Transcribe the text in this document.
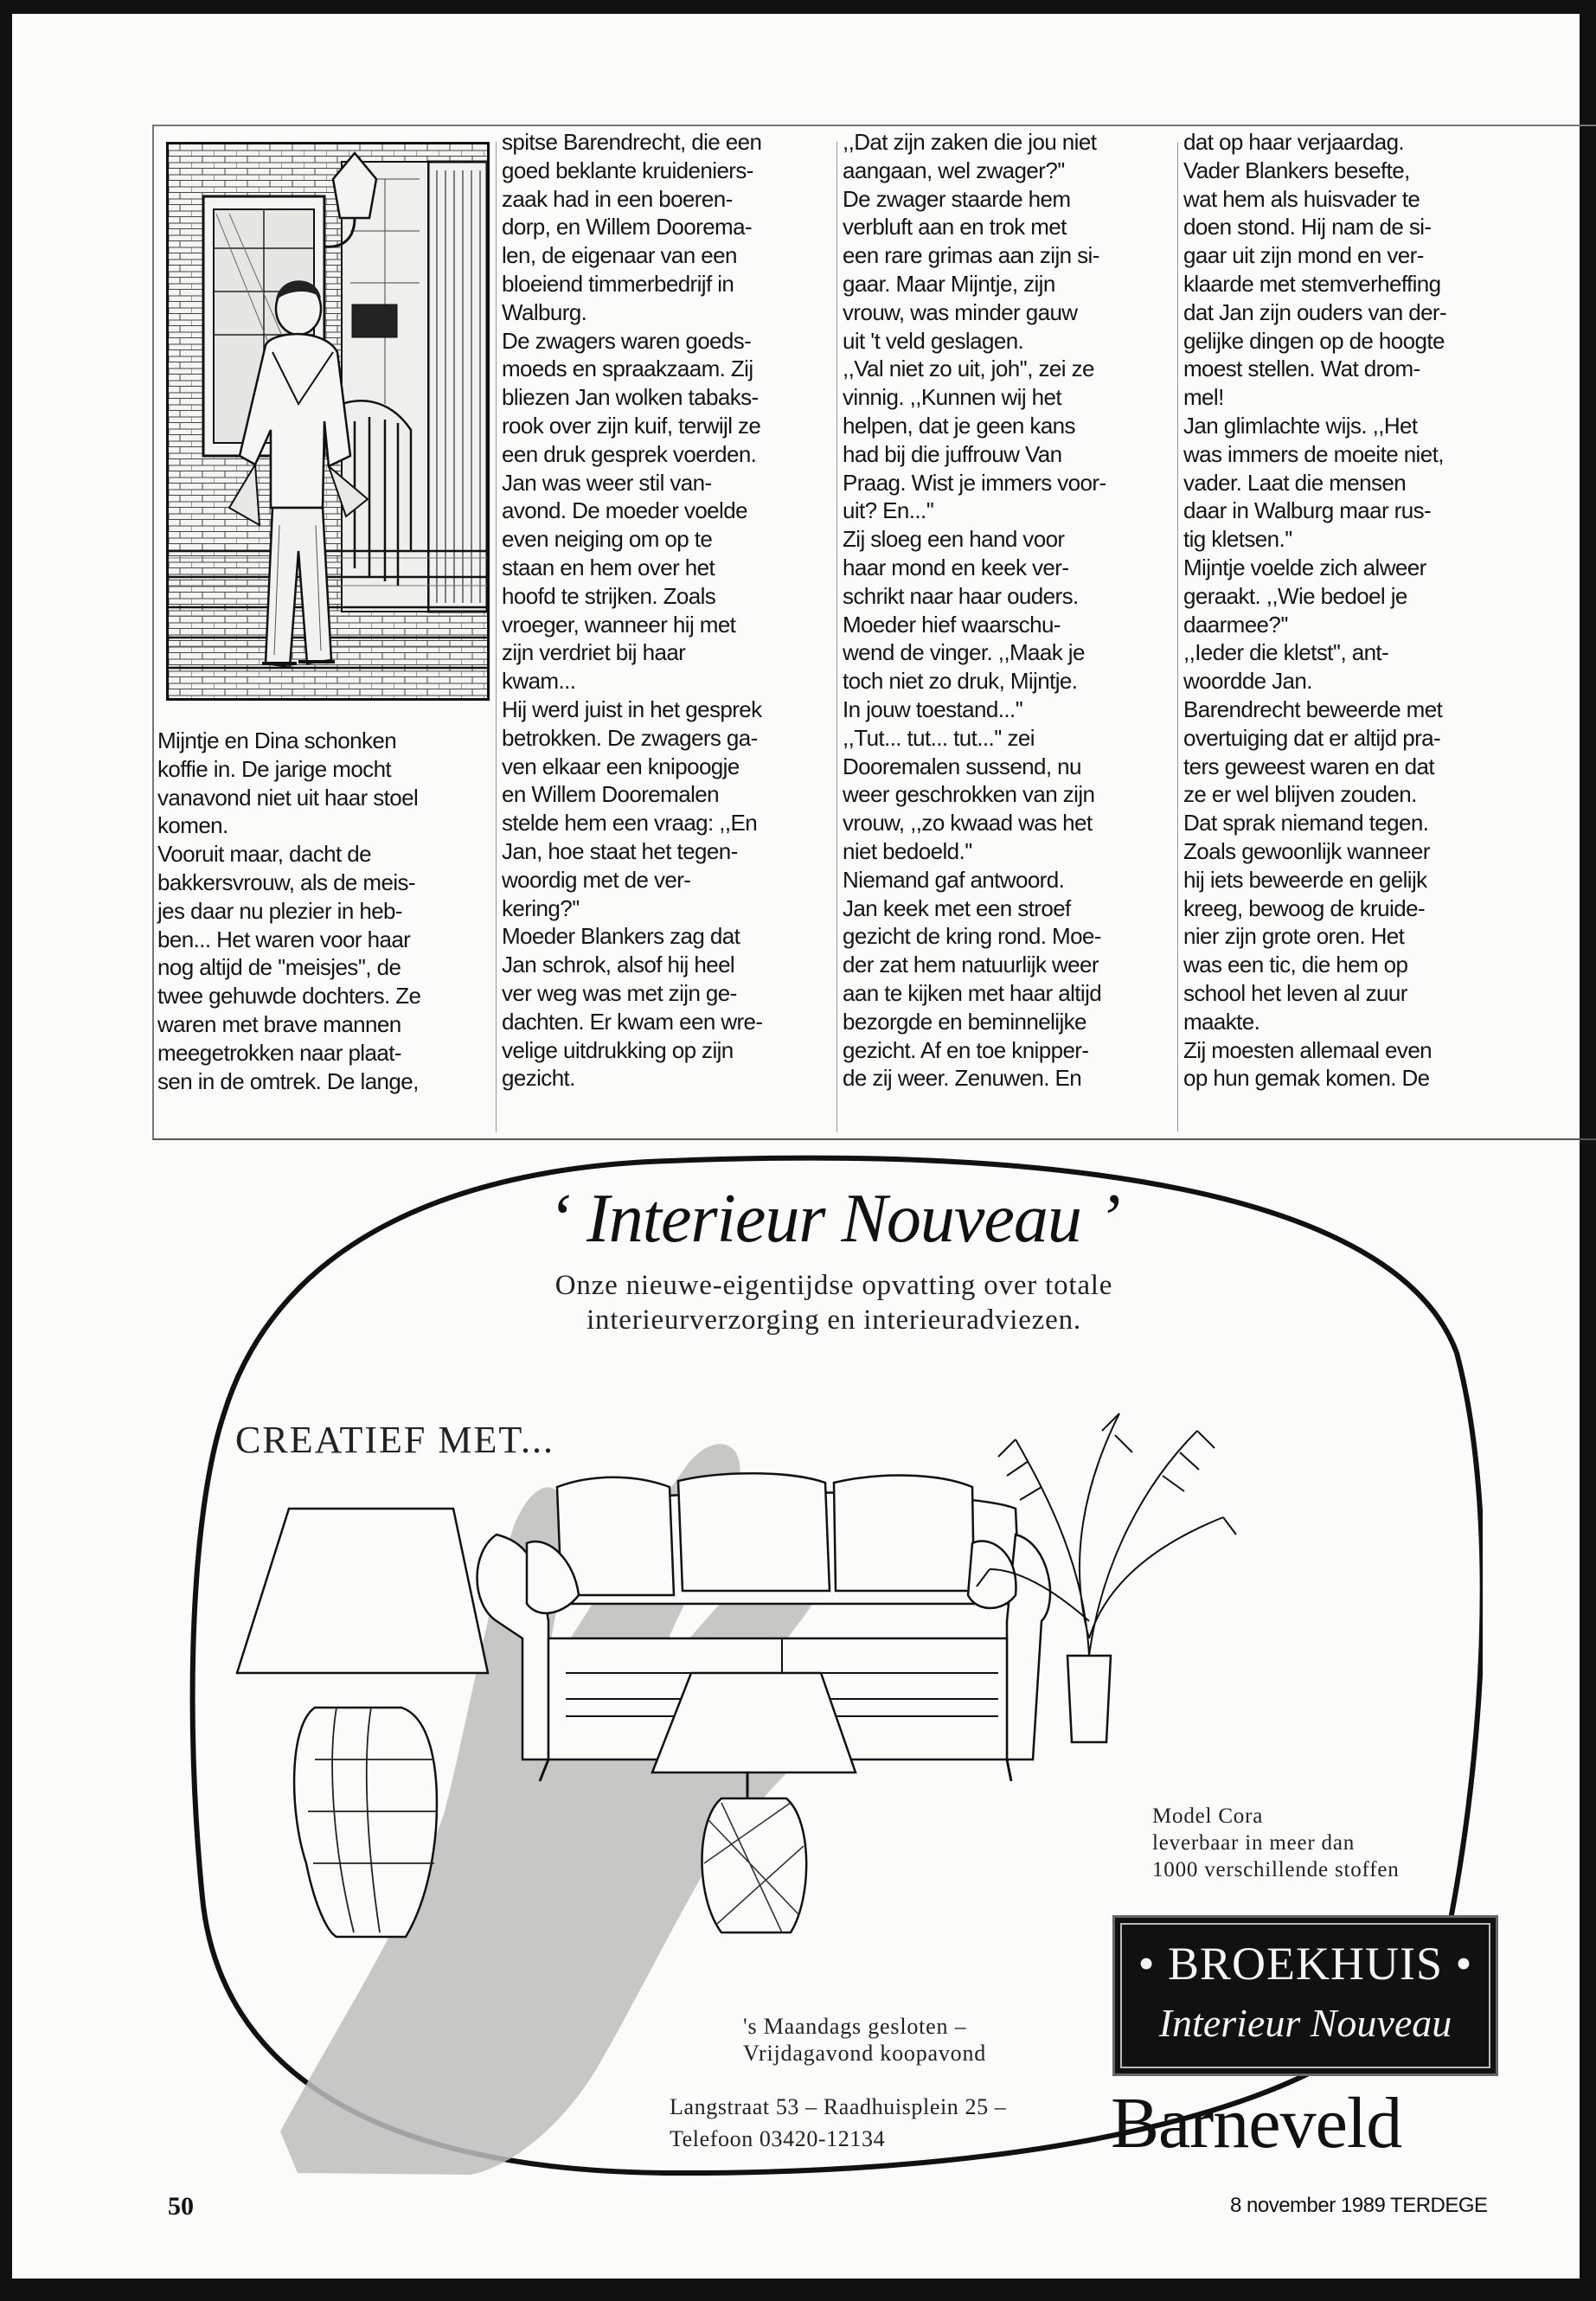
Mijntje en Dina schonken
koffie in. De jarige mocht
vanavond niet uit haar stoel
komen.
Vooruit maar, dacht de
bakkersvrouw, als de meis-
jes daar nu plezier in heb-
ben... Het waren voor haar
nog altijd de ''meisjes'', de
twee gehuwde dochters. Ze
waren met brave mannen
meegetrokken naar plaat-
sen in de omtrek. De lange,
spitse Barendrecht, die een
goed beklante kruideniers-
zaak had in een boeren-
dorp, en Willem Doorema-
len, de eigenaar van een
bloeiend timmerbedrijf in
Walburg.
De zwagers waren goeds-
moeds en spraakzaam. Zij
bliezen Jan wolken tabaks-
rook over zijn kuif, terwijl ze
een druk gesprek voerden.
Jan was weer stil van-
avond. De moeder voelde
even neiging om op te
staan en hem over het
hoofd te strijken. Zoals
vroeger, wanneer hij met
zijn verdriet bij haar
kwam...
Hij werd juist in het gesprek
betrokken. De zwagers ga-
ven elkaar een knipoogje
en Willem Dooremalen
stelde hem een vraag: ,,En
Jan, hoe staat het tegen-
woordig met de ver-
kering?''
Moeder Blankers zag dat
Jan schrok, alsof hij heel
ver weg was met zijn ge-
dachten. Er kwam een wre-
velige uitdrukking op zijn
gezicht.
,,Dat zijn zaken die jou niet
aangaan, wel zwager?''
De zwager staarde hem
verbluft aan en trok met
een rare grimas aan zijn si-
gaar. Maar Mijntje, zijn
vrouw, was minder gauw
uit 't veld geslagen.
,,Val niet zo uit, joh'', zei ze
vinnig. ,,Kunnen wij het
helpen, dat je geen kans
had bij die juffrouw Van
Praag. Wist je immers voor-
uit? En...''
Zij sloeg een hand voor
haar mond en keek ver-
schrikt naar haar ouders.
Moeder hief waarschu-
wend de vinger. ,,Maak je
toch niet zo druk, Mijntje.
In jouw toestand...''
,,Tut... tut... tut...'' zei
Dooremalen sussend, nu
weer geschrokken van zijn
vrouw, ,,zo kwaad was het
niet bedoeld.''
Niemand gaf antwoord.
Jan keek met een stroef
gezicht de kring rond. Moe-
der zat hem natuurlijk weer
aan te kijken met haar altijd
bezorgde en beminnelijke
gezicht. Af en toe knipper-
de zij weer. Zenuwen. En
dat op haar verjaardag.
Vader Blankers besefte,
wat hem als huisvader te
doen stond. Hij nam de si-
gaar uit zijn mond en ver-
klaarde met stemverheffing
dat Jan zijn ouders van der-
gelijke dingen op de hoogte
moest stellen. Wat drom-
mel!
Jan glimlachte wijs. ,,Het
was immers de moeite niet,
vader. Laat die mensen
daar in Walburg maar rus-
tig kletsen.''
Mijntje voelde zich alweer
geraakt. ,,Wie bedoel je
daarmee?''
,,Ieder die kletst'', ant-
woordde Jan.
Barendrecht beweerde met
overtuiging dat er altijd pra-
ters geweest waren en dat
ze er wel blijven zouden.
Dat sprak niemand tegen.
Zoals gewoonlijk wanneer
hij iets beweerde en gelijk
kreeg, bewoog de kruide-
nier zijn grote oren. Het
was een tic, die hem op
school het leven al zuur
maakte.
Zij moesten allemaal even
op hun gemak komen. De
‘ Interieur Nouveau ’
Onze nieuwe-eigentijdse opvatting over totale
interieurverzorging en interieuradviezen.
CREATIEF MET...
Model Cora
leverbaar in meer dan
1000 verschillende stoffen
• BROEKHUIS •
Interieur Nouveau
's Maandags gesloten –
Vrijdagavond koopavond
Langstraat 53 – Raadhuisplein 25 –
Telefoon 03420-12134	Barneveld
50	8 november 1989 TERDEGE
